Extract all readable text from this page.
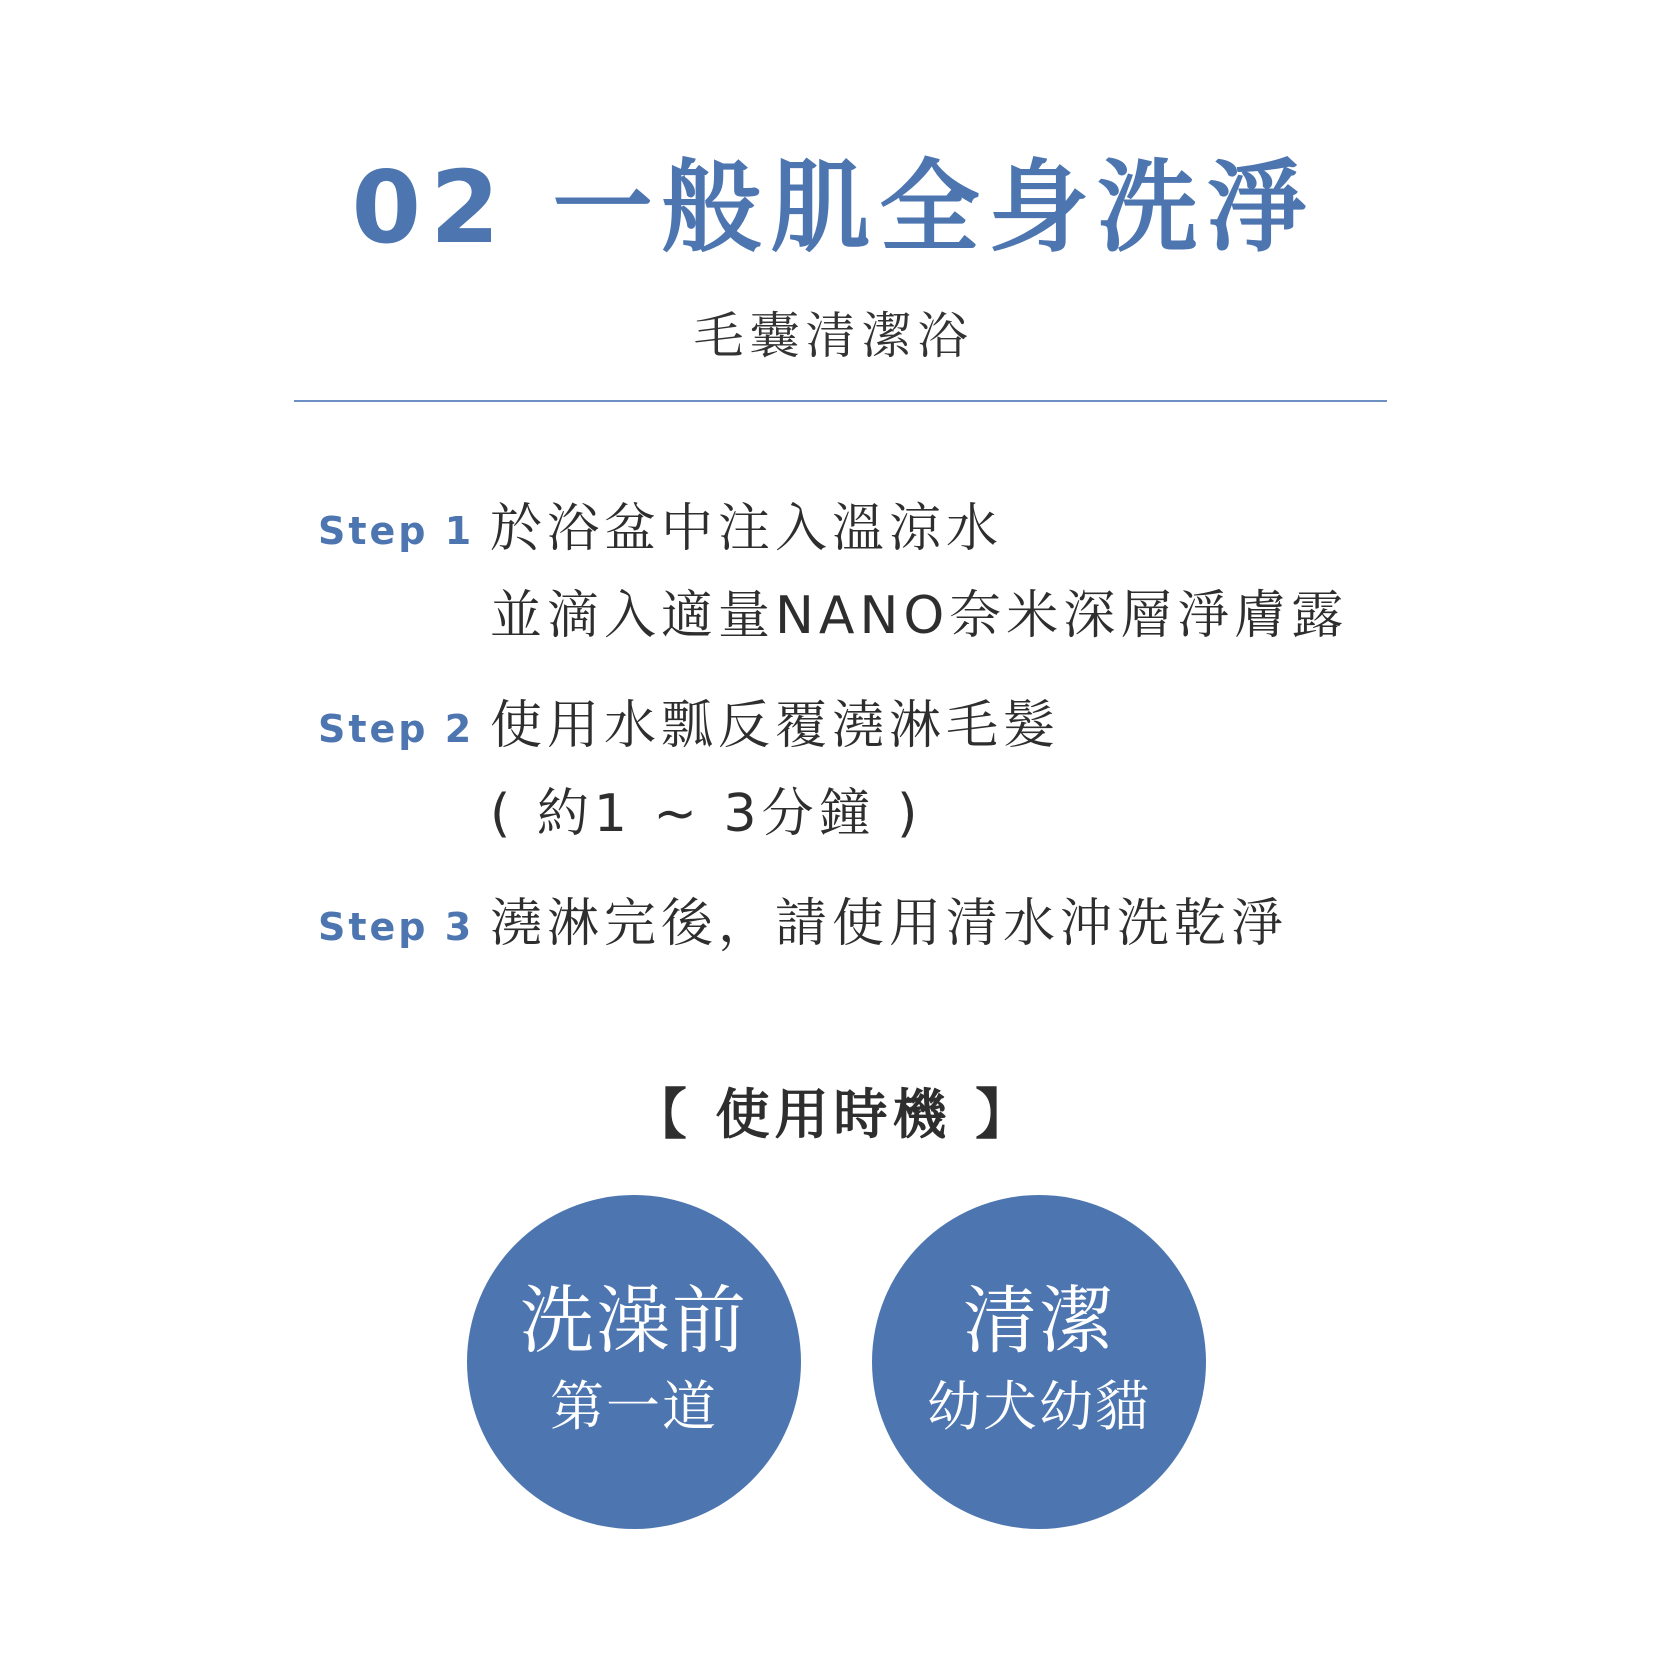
02 一般肌全身洗淨
毛囊清潔浴
Step 1 於浴盆中注入溫涼水
並滴入適量NANO奈米深層淨膚露
Step 2 使用水瓢反覆澆淋毛髮
( 約1 ~ 3分鐘 )
Step 3 澆淋完後，請使用清水沖洗乾淨
【 使用時機 】
洗澡前
第一道
清潔
幼犬幼貓
